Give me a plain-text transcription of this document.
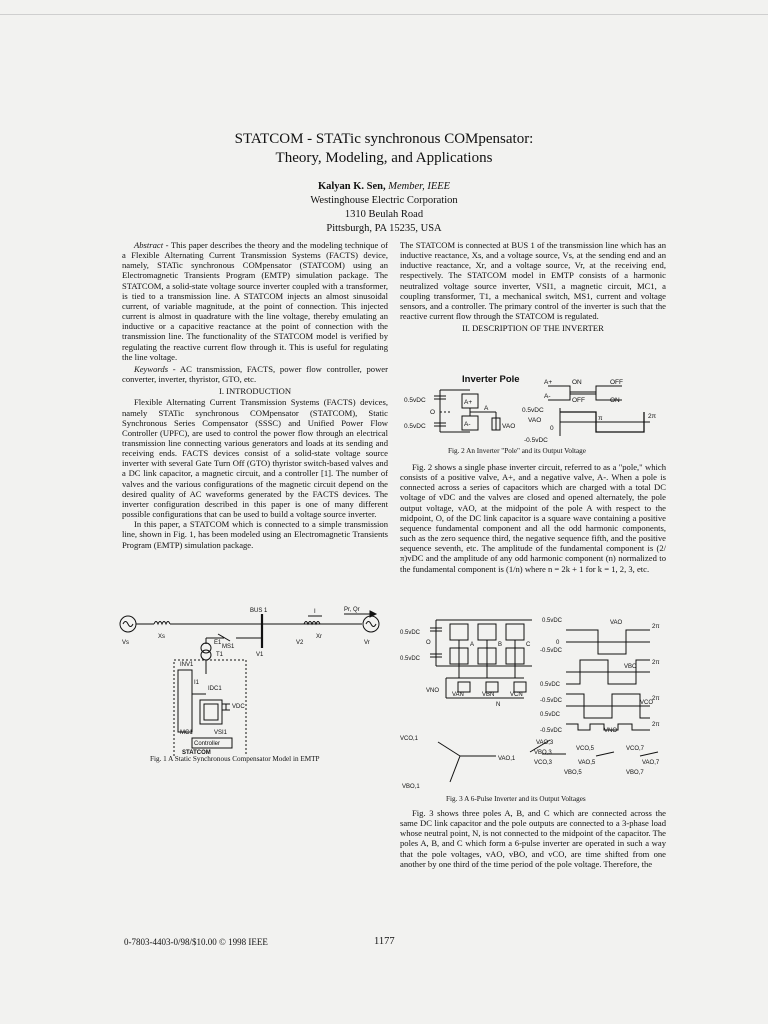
STATCOM - STATic synchronous COMpensator:
Theory, Modeling, and Applications
Kalyan K. Sen, Member, IEEE
Westinghouse Electric Corporation
1310 Beulah Road
Pittsburgh, PA 15235, USA

Abstract - This paper describes the theory and the modeling technique of a Flexible Alternating Current Transmission Systems (FACTS) device, namely, STATic synchronous COMpensator (STATCOM) using an Electromagnetic Transients Program (EMTP) simulation package. The STATCOM, a solid-state voltage source inverter coupled with a transformer, is tied to a transmission line. A STATCOM injects an almost sinusoidal current, of variable magnitude, at the point of connection. This injected current is almost in quadrature with the line voltage, thereby emulating an inductive or a capacitive reactance at the point of connection with the transmission line. The functionality of the STATCOM model is verified by regulating the reactive current flow through it. This is useful for regulating the line voltage.

Keywords - AC transmission, FACTS, power flow controller, power converter, inverter, thyristor, GTO, etc.

I. INTRODUCTION

Flexible Alternating Current Transmission Systems (FACTS) devices, namely STATic synchronous COMpensator (STATCOM), Static Synchronous Series Compensator (SSSC) and Unified Power Flow Controller (UPFC), are used to control the power flow through an electrical transmission line connecting various generators and loads at its sending and receiving ends. FACTS devices consist of a solid-state voltage source inverter with several Gate Turn Off (GTO) thyristor switch-based valves and a DC link capacitor, a magnetic circuit, and a controller [1]. The number of valves and the various configurations of the magnetic circuit depend on the desired quality of AC waveforms generated by the FACTS devices. The inverter configuration described in this paper is one of many different possible configurations that can be used to build a voltage source inverter.

In this paper, a STATCOM which is connected to a simple transmission line, shown in Fig. 1, has been modeled using an Electromagnetic Transients Program (EMTP) simulation package.

BUS 1	I	Pr, Qr
Vs
Xs
V1
V2
Xr
Vr
MS1
E1
T1
INV1
IDC1
I1
VDC
MC1	VSI1
Controller
STATCOM
Fig. 1 A Static Synchronous Compensator Model in EMTP

The STATCOM is connected at BUS 1 of the transmission line which has an inductive reactance, Xs, and a voltage source, Vs, at the sending end and an inductive reactance, Xr, and a voltage source, Vr, at the receiving end, respectively. The STATCOM model in EMTP consists of a harmonic neutralized voltage source inverter, VSI1, a magnetic circuit, MC1, a coupling transformer, T1, a mechanical switch, MS1, current and voltage sensors, and a controller. The primary control of the inverter is such that the reactive current flow through the STATCOM is regulated.

II. DESCRIPTION OF THE INVERTER

Inverter Pole	A+
A-
ON	OFF
OFF	ON
0.5vDC
O
0.5vDC
A+
A-
A
VAO
0.5vDC
VAO
0
-0.5vDC
π	2π
Fig. 2 An Inverter "Pole" and its Output Voltage

Fig. 2 shows a single phase inverter circuit, referred to as a "pole," which consists of a positive valve, A+, and a negative valve, A-. When a pole is connected across a series of capacitors which are charged with a total DC voltage of vDC and the valves are closed and opened alternately, the pole output voltage, vAO, at the midpoint of the pole A with respect to the midpoint, O, of the DC link capacitor is a square wave containing a positive sequence fundamental component and all the odd harmonic components, such as the zero sequence third, the negative sequence fifth, and the positive sequence seventh, etc. The amplitude of the fundamental component is (2/π)vDC and the amplitude of any odd harmonic component (n) normalized to the fundamental component is (1/n) where n = 2k + 1 for k = 1, 2, 3, etc.

0.5vDC
O
0.5vDC
A	B	C
N
VNO
VAN	VBN	VCN
0.5vDC
0
-0.5vDC
0.5vDC
-0.5vDC
0.5vDC
-0.5vDC
VAO
VBO
VCO
VNO
2π
2π
2π
2π
VCO,1
VAO,1
VBO,1
VAO,3
VBO,3
VCO,3
VCO,5
VAO,5
VBO,5
VCO,7
VAO,7
VBO,7
Fig. 3 A 6-Pulse Inverter and its Output Voltages

Fig. 3 shows three poles A, B, and C which are connected across the same DC link capacitor and the pole outputs are connected to a 3-phase load whose neutral point, N, is not connected to the midpoint of the capacitor. The poles A, B, and C which form a 6-pulse inverter are operated in such a way that the pole voltages, vAO, vBO, and vCO, are time shifted from one another by one third of the time period of the pole voltage. Therefore, the

0-7803-4403-0/98/$10.00 © 1998 IEEE	1177
